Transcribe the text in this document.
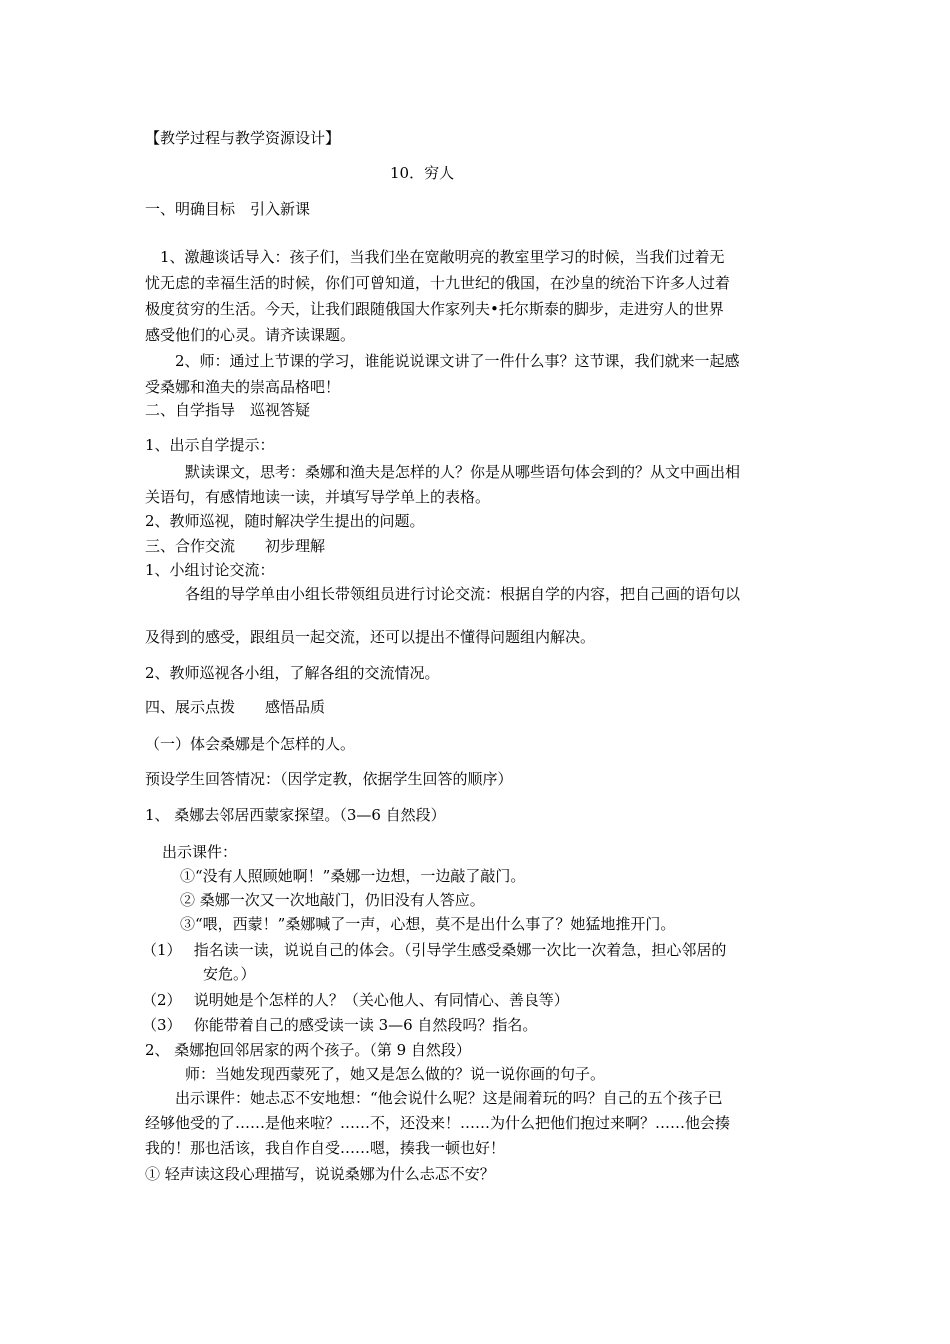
【教学过程与教学资源设计】
10．穷人
一、明确目标　引入新课
1、激趣谈话导入：孩子们，当我们坐在宽敞明亮的教室里学习的时候，当我们过着无
忧无虑的幸福生活的时候，你们可曾知道，十九世纪的俄国，在沙皇的统治下许多人过着
极度贫穷的生活。今天，让我们跟随俄国大作家列夫•托尔斯泰的脚步，走进穷人的世界
感受他们的心灵。请齐读课题。
2、师：通过上节课的学习，谁能说说课文讲了一件什么事？这节课，我们就来一起感
受桑娜和渔夫的崇高品格吧！
二、自学指导　巡视答疑
1、出示自学提示：
默读课文，思考：桑娜和渔夫是怎样的人？你是从哪些语句体会到的？从文中画出相
关语句，有感情地读一读，并填写导学单上的表格。
2、教师巡视，随时解决学生提出的问题。
三、合作交流　　初步理解
1、小组讨论交流：
各组的导学单由小组长带领组员进行讨论交流：根据自学的内容，把自己画的语句以
及得到的感受，跟组员一起交流，还可以提出不懂得问题组内解决。
2、教师巡视各小组，了解各组的交流情况。
四、展示点拨　　感悟品质
（一）体会桑娜是个怎样的人。
预设学生回答情况：（因学定教，依据学生回答的顺序）
1、 桑娜去邻居西蒙家探望。（3—6 自然段）
出示课件：
①“没有人照顾她啊！”桑娜一边想，一边敲了敲门。
② 桑娜一次又一次地敲门，仍旧没有人答应。
③“喂，西蒙！”桑娜喊了一声，心想，莫不是出什么事了？她猛地推开门。
（1）　 指名读一读，说说自己的体会。（引导学生感受桑娜一次比一次着急，担心邻居的
安危。）
（2）　 说明她是个怎样的人？（关心他人、有同情心、善良等）
（3）　 你能带着自己的感受读一读 3—6 自然段吗？指名。
2、 桑娜抱回邻居家的两个孩子。（第 9 自然段）
师：当她发现西蒙死了，她又是怎么做的？说一说你画的句子。
出示课件：她忐忑不安地想：“他会说什么呢？这是闹着玩的吗？自己的五个孩子已
经够他受的了……是他来啦？……不，还没来！……为什么把他们抱过来啊？……他会揍
我的！那也活该，我自作自受……嗯，揍我一顿也好！
① 轻声读这段心理描写，说说桑娜为什么忐忑不安？
